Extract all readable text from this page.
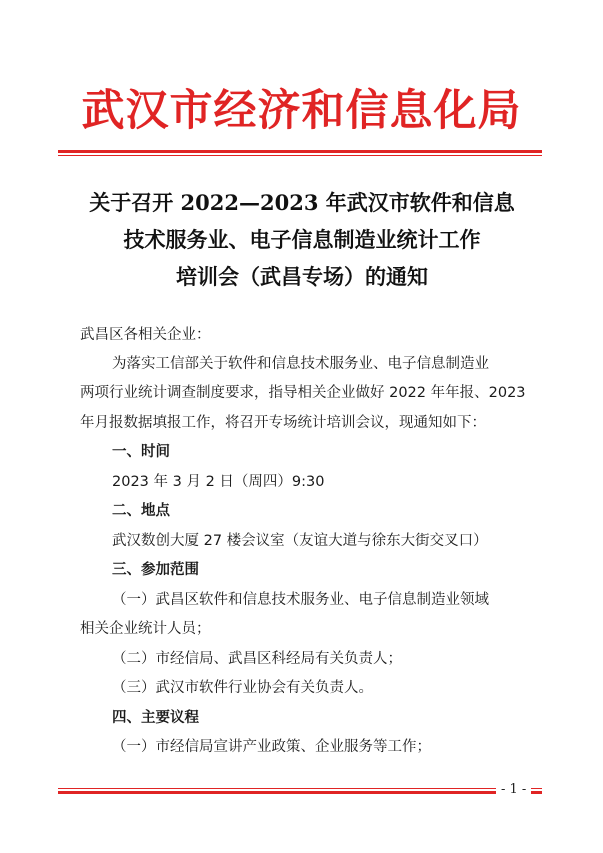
武汉市经济和信息化局
关于召开 2022—2023 年武汉市软件和信息
技术服务业、电子信息制造业统计工作
培训会（武昌专场）的通知
武昌区各相关企业：
为落实工信部关于软件和信息技术服务业、电子信息制造业
两项行业统计调查制度要求，指导相关企业做好 2022 年年报、2023
年月报数据填报工作，将召开专场统计培训会议，现通知如下：
一、时间
2023 年 3 月 2 日（周四）9:30
二、地点
武汉数创大厦 27 楼会议室（友谊大道与徐东大街交叉口）
三、参加范围
（一）武昌区软件和信息技术服务业、电子信息制造业领域
相关企业统计人员；
（二）市经信局、武昌区科经局有关负责人；
（三）武汉市软件行业协会有关负责人。
四、主要议程
（一）市经信局宣讲产业政策、企业服务等工作；
- 1 -
